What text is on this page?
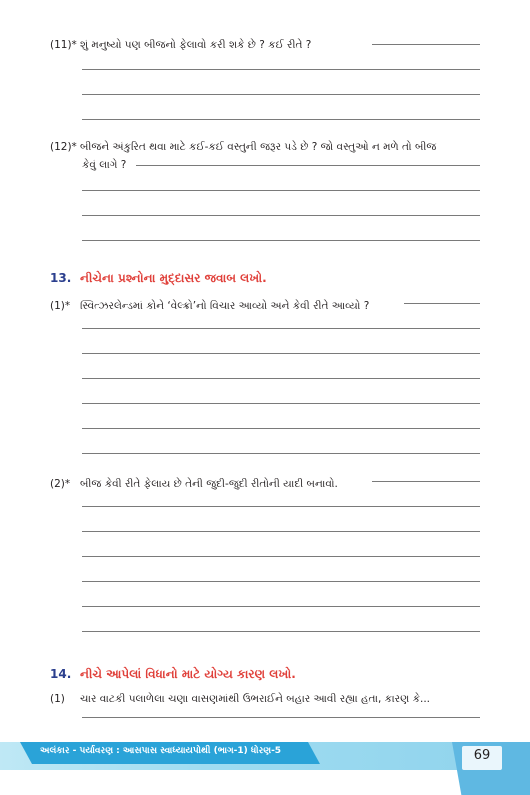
(11)* શું મનુષ્યો પણ બીજનો ફેલાવો કરી શકે છે ? કઈ રીતે ?
(12)* બીજને અંકુરિત થવા માટે કઈ-કઈ વસ્તુની જરૂર પડે છે ? જો વસ્તુઓ ન મળે તો બીજ
કેવું લાગે ?
13. નીચેના પ્રશ્નોના મુદ્દાસર જવાબ લખો.
(1)* સ્વિત્ઝરલેન્ડમાં કોને ‘વેલ્ક્રો’નો વિચાર આવ્યો અને કેવી રીતે આવ્યો ?
(2)* બીજ કેવી રીતે ફેલાય છે તેની જુદી-જુદી રીતોની યાદી બનાવો.
14. નીચે આપેલાં વિધાનો માટે યોગ્ય કારણ લખો.
(1) ચાર વાટકી પલાળેલા ચણા વાસણમાંથી ઉભરાઈને બહાર આવી રહ્યા હતા, કારણ કે...
અલંકાર - પર્યાવરણ : આસપાસ સ્વાધ્યાયપોથી (ભાગ-1) ધોરણ-5	69
